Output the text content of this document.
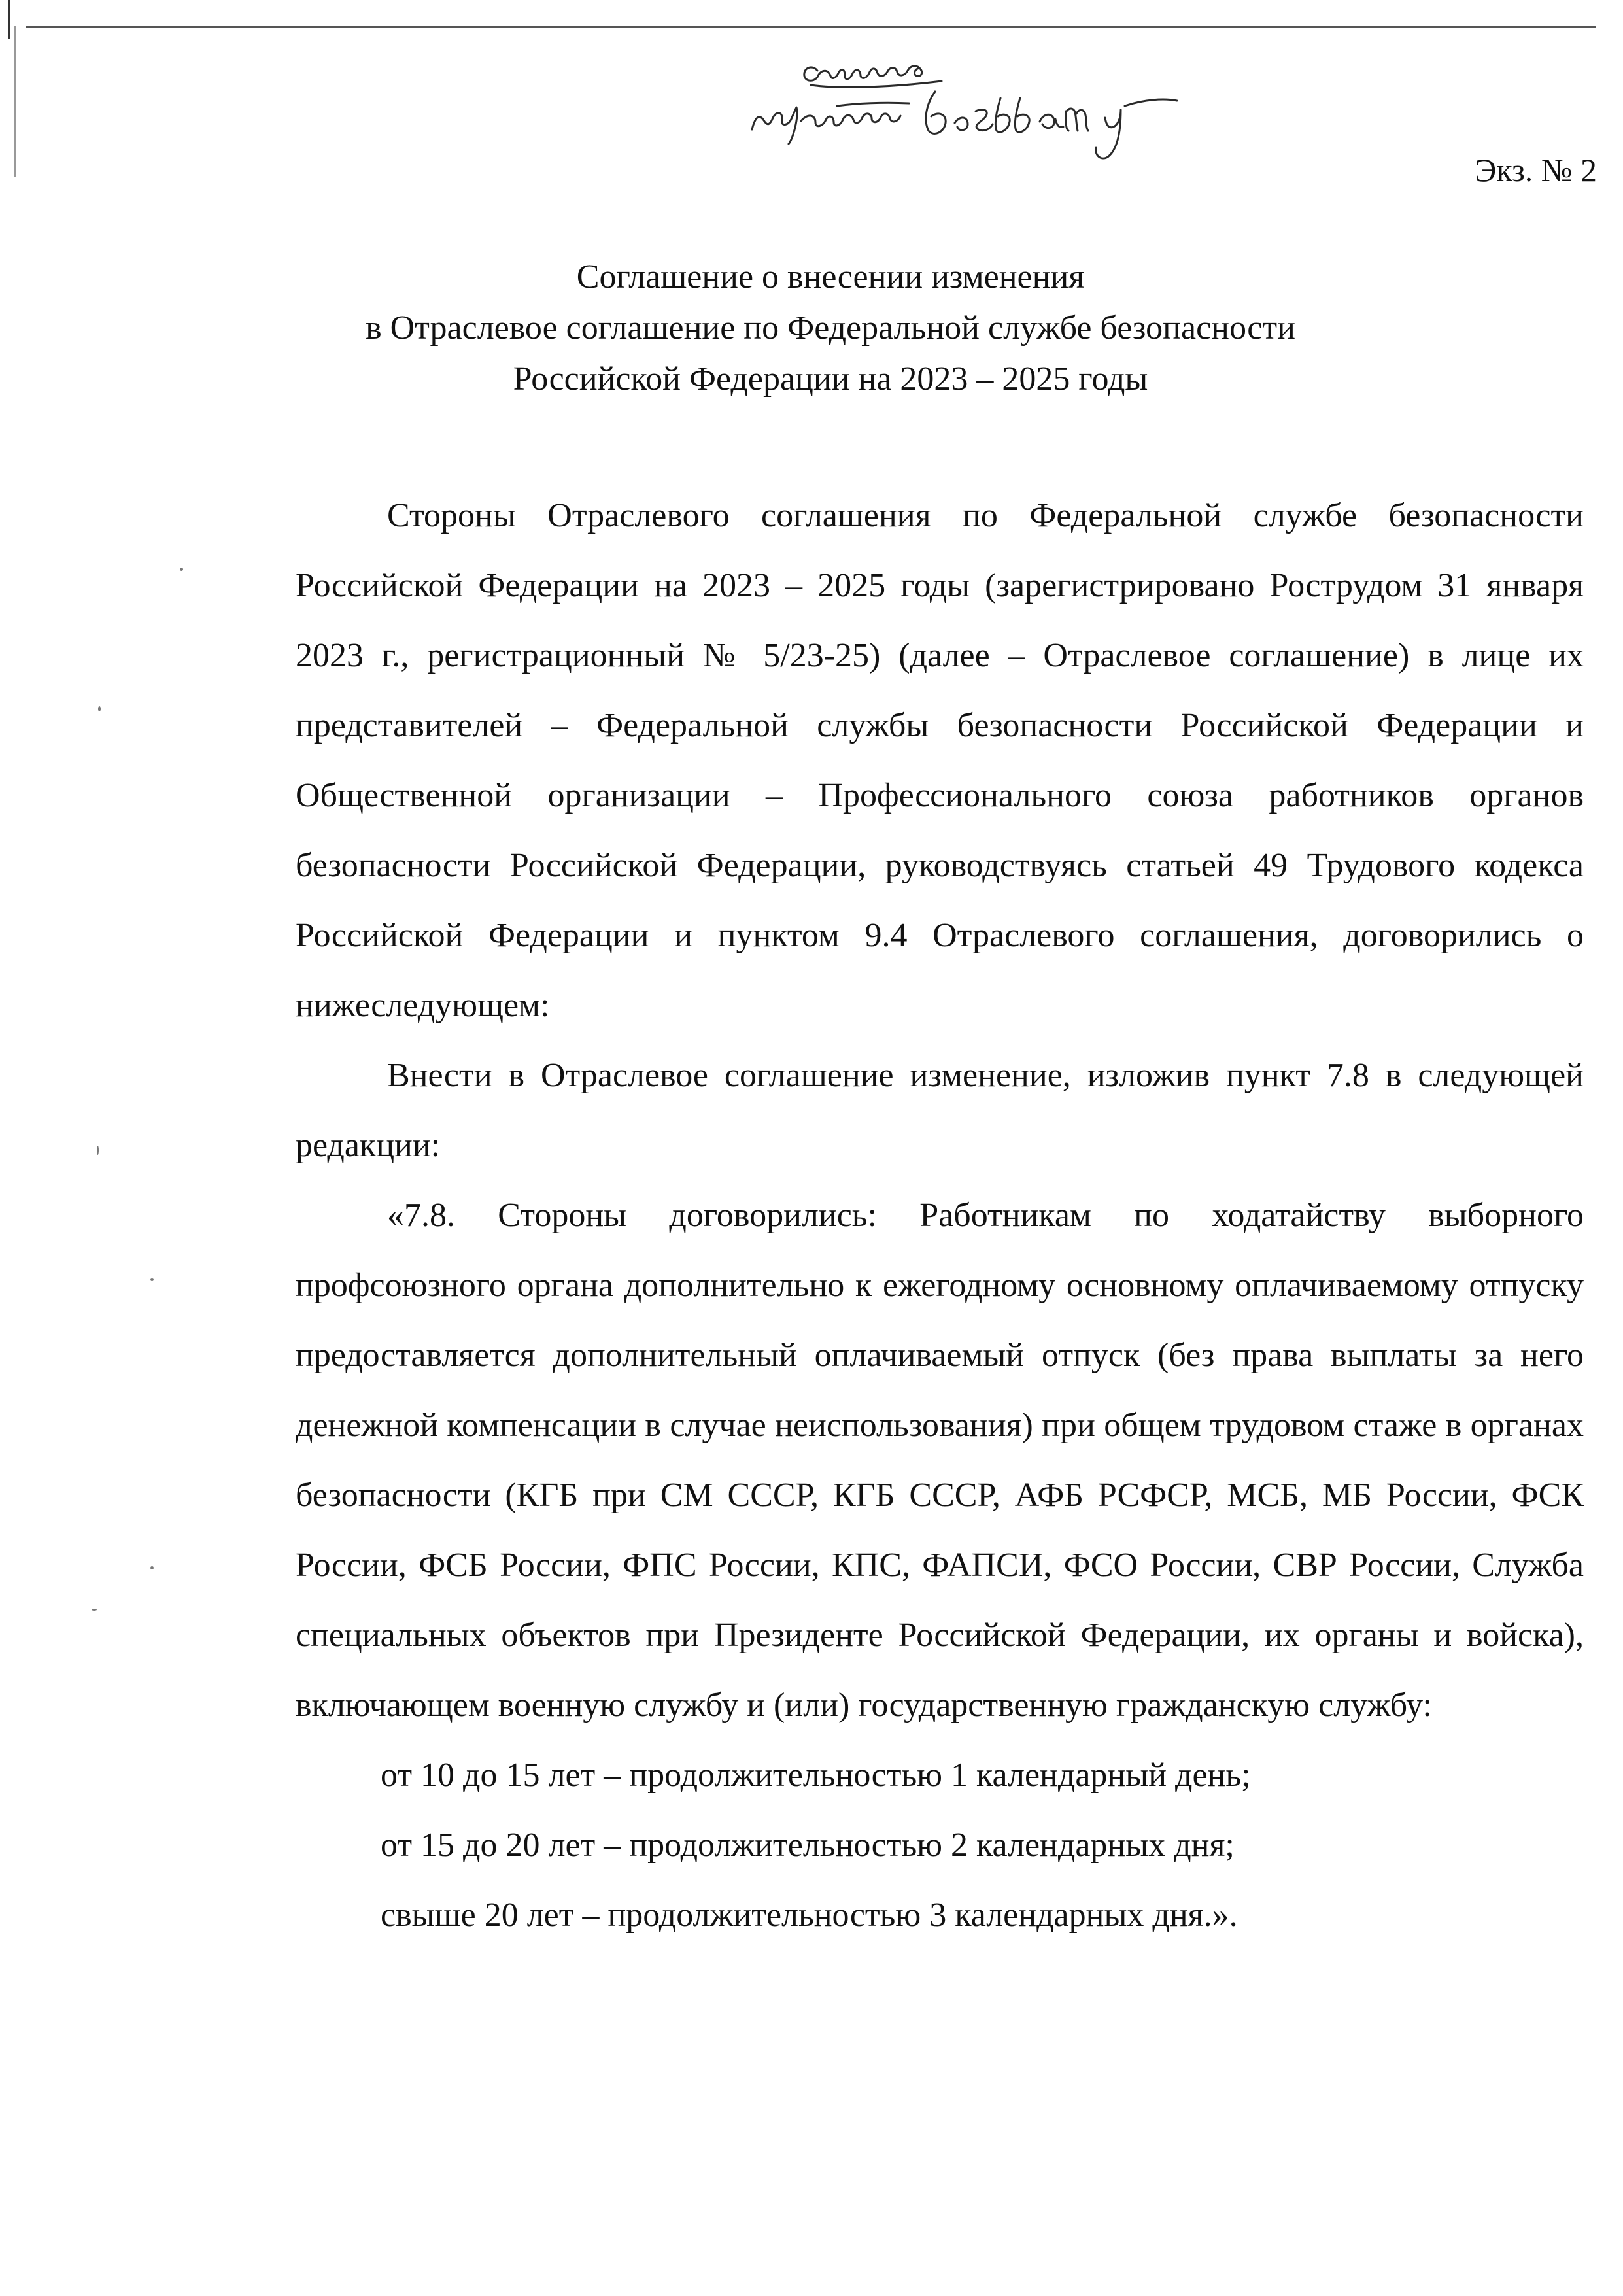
Экз. № 2
Соглашение о внесении изменения
в Отраслевое соглашение по Федеральной службе безопасности
Российской Федерации на 2023 – 2025 годы

Стороны Отраслевого соглашения по Федеральной службе безопасности Российской Федерации на 2023 – 2025 годы (зарегистрировано Рострудом 31 января 2023 г., регистрационный № 5/23-25) (далее – Отраслевое соглашение) в лице их представителей – Федеральной службы безопасности Российской Федерации и Общественной организации – Профессионального союза работников органов безопасности Российской Федерации, руководствуясь статьей 49 Трудового кодекса Российской Федерации и пунктом 9.4 Отраслевого соглашения, договорились о нижеследующем:

Внести в Отраслевое соглашение изменение, изложив пункт 7.8 в следующей редакции:

«7.8. Стороны договорились: Работникам по ходатайству выборного профсоюзного органа дополнительно к ежегодному основному оплачиваемому отпуску предоставляется дополнительный оплачиваемый отпуск (без права выплаты за него денежной компенсации в случае неиспользования) при общем трудовом стаже в органах безопасности (КГБ при СМ СССР, КГБ СССР, АФБ РСФСР, МСБ, МБ России, ФСК России, ФСБ России, ФПС России, КПС, ФАПСИ, ФСО России, СВР России, Служба специальных объектов при Президенте Российской Федерации, их органы и войска), включающем военную службу и (или) государственную гражданскую службу:

от 10 до 15 лет – продолжительностью 1 календарный день;

от 15 до 20 лет – продолжительностью 2 календарных дня;

свыше 20 лет – продолжительностью 3 календарных дня.».
